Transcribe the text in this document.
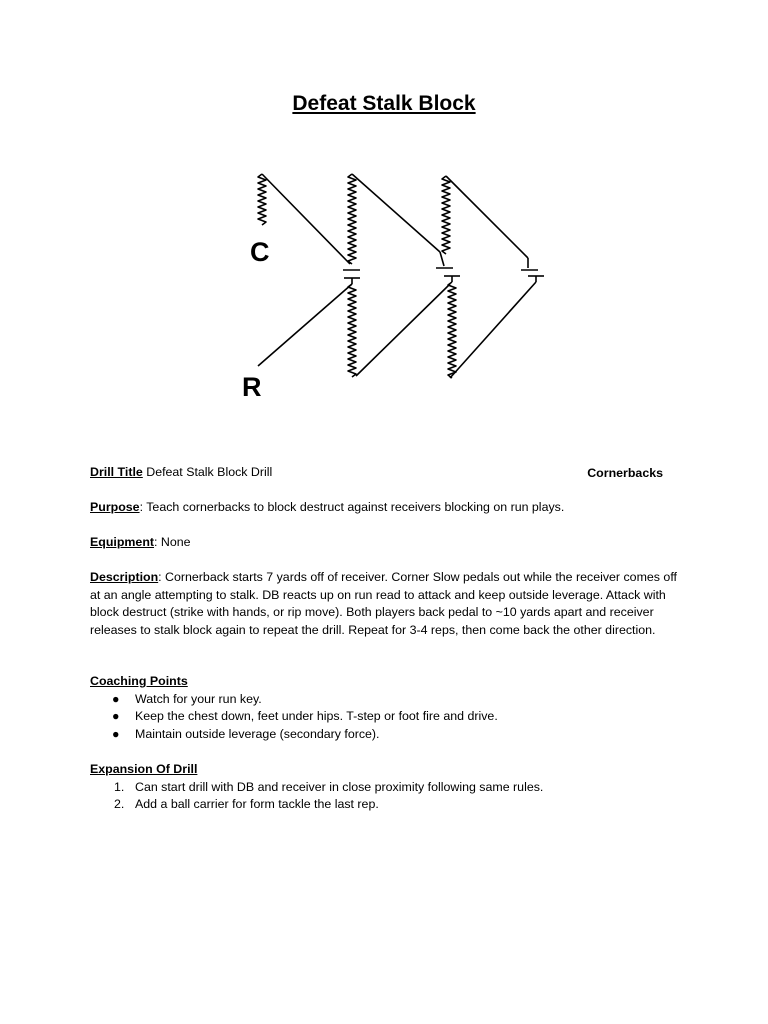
Defeat Stalk Block
C
R
Drill Title Defeat Stalk Block Drill	Cornerbacks
Purpose: Teach cornerbacks to block destruct against receivers blocking on run plays.
Equipment: None
Description: Cornerback starts 7 yards off of receiver. Corner Slow pedals out while the receiver comes off at an angle attempting to stalk. DB reacts up on run read to attack and keep outside leverage. Attack with block destruct (strike with hands, or rip move). Both players back pedal to ~10 yards apart and receiver releases to stalk block again to repeat the drill. Repeat for 3-4 reps, then come back the other direction.
Coaching Points
● Watch for your run key.
● Keep the chest down, feet under hips. T-step or foot fire and drive.
● Maintain outside leverage (secondary force).
Expansion Of Drill
1. Can start drill with DB and receiver in close proximity following same rules.
2. Add a ball carrier for form tackle the last rep.
